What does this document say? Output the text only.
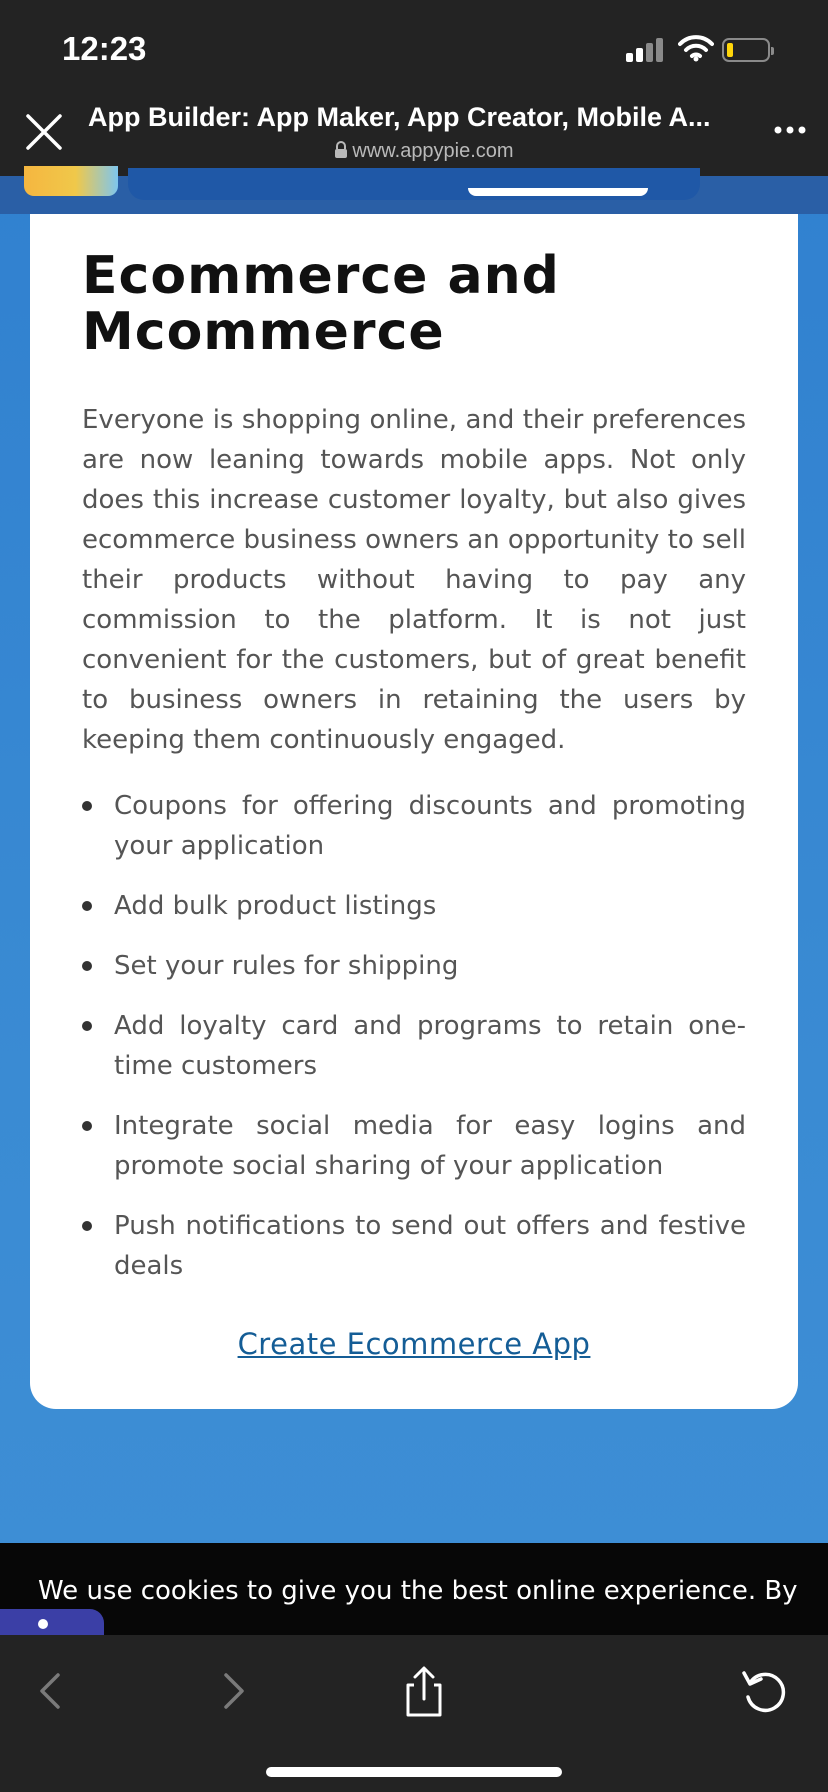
12:23
App Builder: App Maker, App Creator, Mobile A...
www.appypie.com
Ecommerce and Mcommerce

Everyone is shopping online, and their preferences are now leaning towards mobile apps. Not only does this increase customer loyalty, but also gives ecommerce business owners an opportunity to sell their products without having to pay any commission to the platform. It is not just convenient for the customers, but of great benefit to business owners in retaining the users by keeping them continuously engaged.

Coupons for offering discounts and promoting your application
Add bulk product listings
Set your rules for shipping
Add loyalty card and programs to retain one-time customers
Integrate social media for easy logins and promote social sharing of your application
Push notifications to send out offers and festive deals
Create Ecommerce App
We use cookies to give you the best online experience. By
